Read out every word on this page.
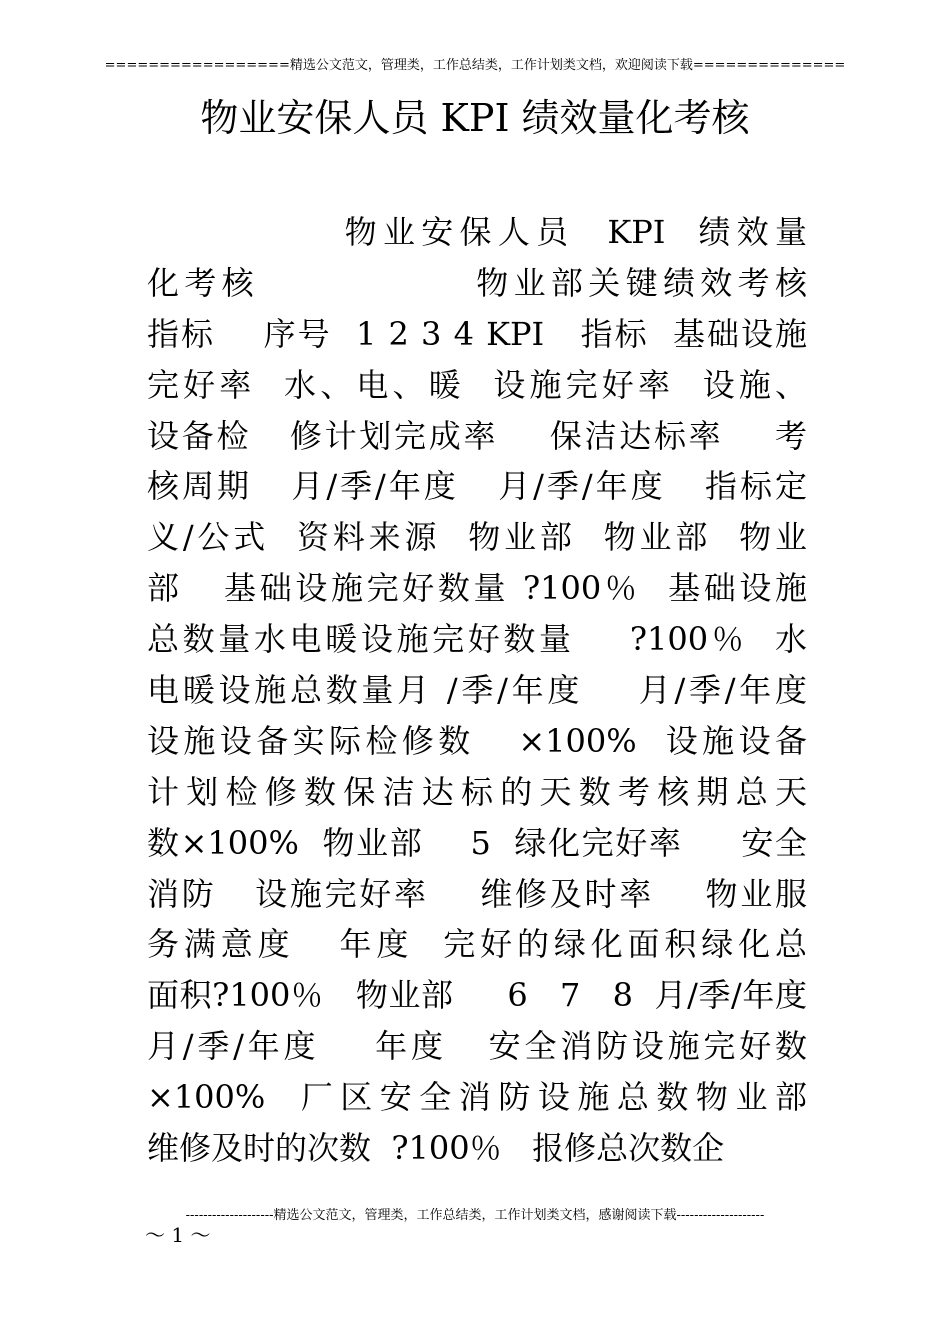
=================精选公文范文，管理类，工作总结类，工作计划类文档，欢迎阅读下载==============
物业安保人员 KPI 绩效量化考核
物业安保人员  KPI  绩效量
化考核              物业部关键绩效考核
指标    序号  1 2 3 4 KPI   指标  基础设施
完好率  水、电、暖  设施完好率  设施、
设备检   修计划完成率    保洁达标率    考
核周期   月/季/年度   月/季/年度   指标定
义/公式  资料来源  物业部  物业部  物业
部   基础设施完好数量 ?100％  基础设施
总数量水电暖设施完好数量    ?100％  水
电暖设施总数量月 /季/年度    月/季/年度
设施设备实际检修数   ×100%  设施设备
计划检修数保洁达标的天数考核期总天
数×100%  物业部    5  绿化完好率     安全
消防   设施完好率    维修及时率    物业服
务满意度   年度  完好的绿化面积绿化总
面积?100％   物业部     6   7   8  月/季/年度
月/季/年度    年度   安全消防设施完好数
×100%  厂区安全消防设施总数物业部
维修及时的次数  ?100％   报修总次数企
--------------------精选公文范文，管理类，工作总结类，工作计划类文档，感谢阅读下载--------------------
～ 1 ～
